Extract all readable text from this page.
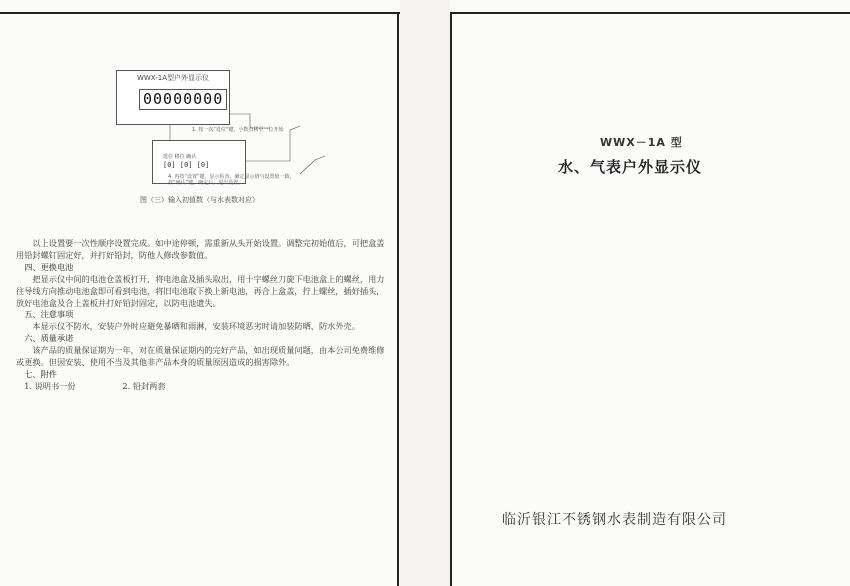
WWX-1A型户外显示仪
00000000
1. 按一次“选位”键，小数点移至一位开始
选位 移位 确认
[0] [0] [0]
4. 再按“设置”键，显示检查，确定显示值与设置值一致，按“确认”键，确定后，退出设置。
图（三）输入初值数（与水表数对应）

以上设置要一次性顺序设置完成。如中途停顿，需重新从头开始设置。调整完初始值后，可把盒盖用铅封螺钉固定好，并打好铅封，防他人修改参数值。

四、更换电池

把显示仪中间的电池仓盖板打开，将电池盒及插头取出，用十字螺丝刀旋下电池盒上的螺丝，用力往导线方向推动电池盒即可看到电池，将旧电池取下换上新电池，再合上盒盖，拧上螺丝，插好插头，放好电池盒及合上盖板并打好铅封固定，以防电池遗失。

五、注意事项

本显示仪不防水，安装户外时应避免暴晒和雨淋，安装环境恶劣时请加装防晒、防水外壳。

六、质量承诺

该产品的质量保证期为一年，对在质量保证期内的完好产品，如出现质量问题，由本公司免费维修或更换。但因安装、使用不当及其他非产品本身的质量原因造成的损害除外。

七、附件
1. 说明书一份                  2. 铅封两套
WWX－1A 型
水、气表户外显示仪
临沂银江不锈钢水表制造有限公司
